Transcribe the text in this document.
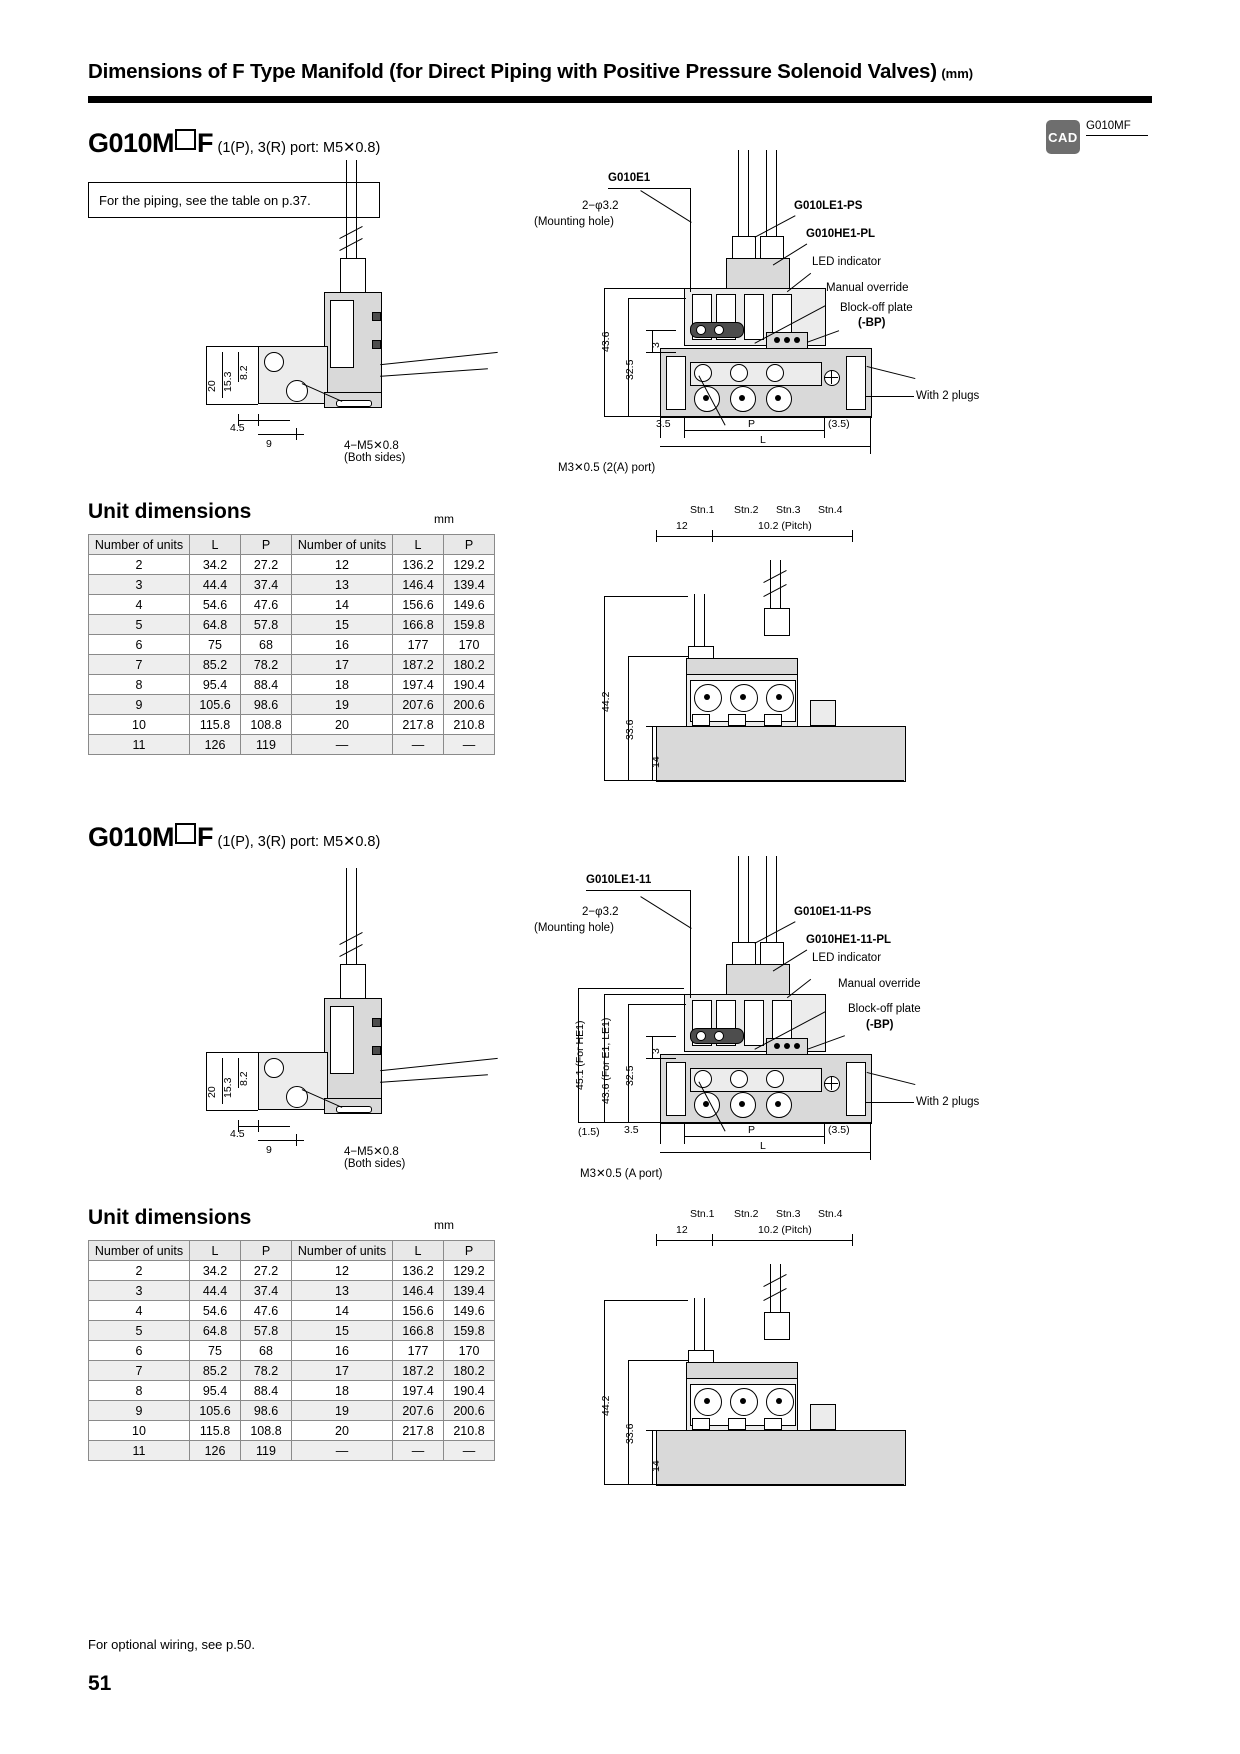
Dimensions of F Type Manifold (for Direct Piping with Positive Pressure Solenoid Valves) (mm)
CAD
G010MF
G010M F (1(P), 3(R) port: M5✕0.8)
For the piping, see the table on p.37.
20 15.3 8.2
4.5
9	4−M5✕0.8
(Both sides)
43.6
32.5
3
3.5	P	(3.5)
L
G010E1
2−φ3.2
(Mounting hole)
G010LE1-PS
G010HE1-PL
LED indicator
Manual override
Block-off plate
(-BP)
With 2 plugs
M3✕0.5 (2(A) port)
Stn.1 Stn.2 Stn.3 Stn.4
12	10.2 (Pitch)
44.2
33.6
14
Unit dimensions	mm
Number of units	L	P	Number of units	L	P
2	34.2	27.2	12	136.2	129.2
3	44.4	37.4	13	146.4	139.4
4	54.6	47.6	14	156.6	149.6
5	64.8	57.8	15	166.8	159.8
6	75	68	16	177	170
7	85.2	78.2	17	187.2	180.2
8	95.4	88.4	18	197.4	190.4
9	105.6	98.6	19	207.6	200.6
10	115.8	108.8	20	217.8	210.8
11	126	119	—	—	—
G010M F (1(P), 3(R) port: M5✕0.8)
20 15.3 8.2
4.5
9	4−M5✕0.8
(Both sides)
45.1 (For HE1) 43.6 (For E1, LE1) 32.5
3
(1.5) 3.5	P	(3.5)
L
G010LE1-11
2−φ3.2
(Mounting hole)
G010E1-11-PS
G010HE1-11-PL
LED indicator
Manual override
Block-off plate
(-BP)
With 2 plugs
M3✕0.5 (A port)
Stn.1 Stn.2 Stn.3 Stn.4
12	10.2 (Pitch)
44.2
33.6
14
Unit dimensions	mm
Number of units	L	P	Number of units	L	P
2	34.2	27.2	12	136.2	129.2
3	44.4	37.4	13	146.4	139.4
4	54.6	47.6	14	156.6	149.6
5	64.8	57.8	15	166.8	159.8
6	75	68	16	177	170
7	85.2	78.2	17	187.2	180.2
8	95.4	88.4	18	197.4	190.4
9	105.6	98.6	19	207.6	200.6
10	115.8	108.8	20	217.8	210.8
11	126	119	—	—	—
For optional wiring, see p.50.
51
